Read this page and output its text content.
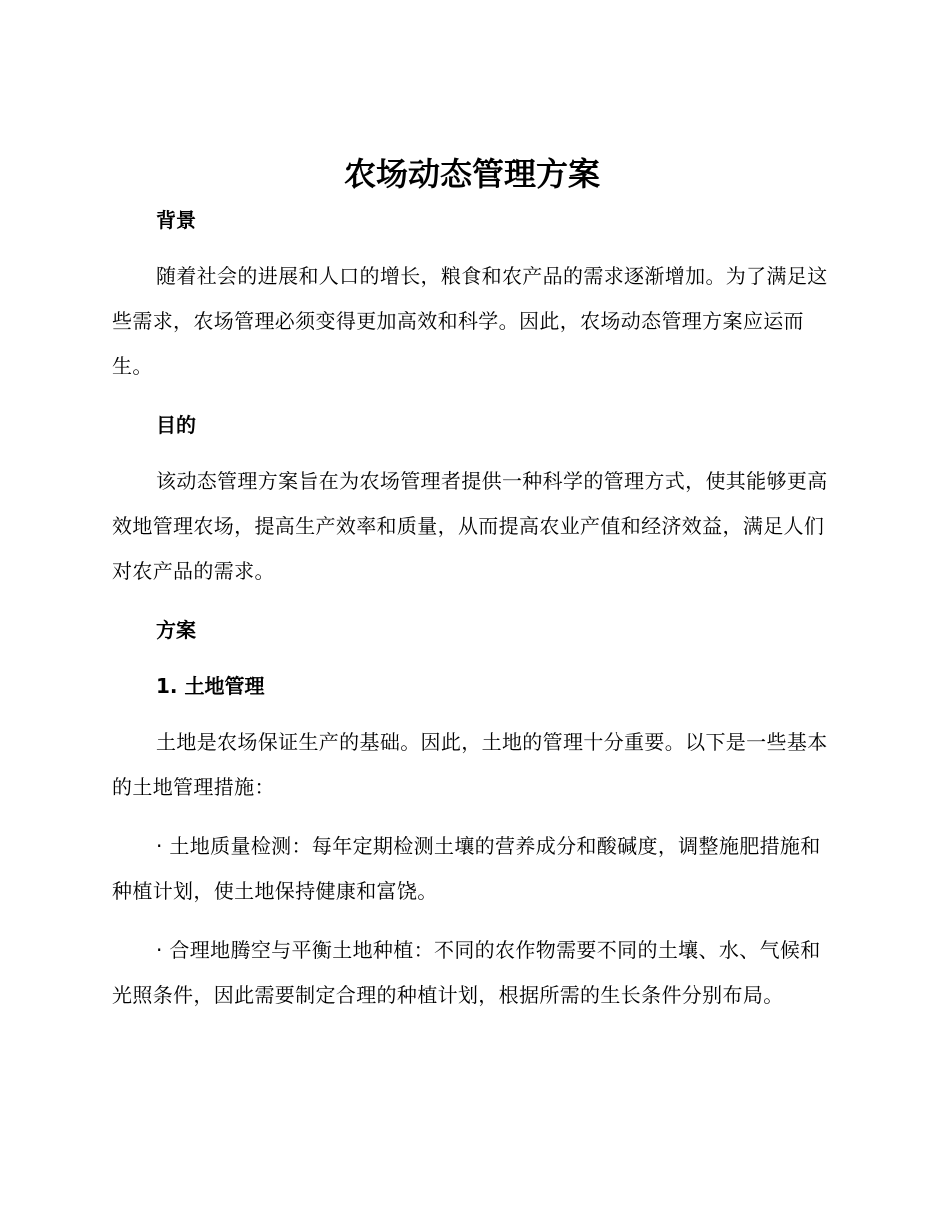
农场动态管理方案
背景

随着社会的进展和人口的增长，粮食和农产品的需求逐渐增加。为了满足这些需求，农场管理必须变得更加高效和科学。因此，农场动态管理方案应运而生。

目的

该动态管理方案旨在为农场管理者提供一种科学的管理方式，使其能够更高效地管理农场，提高生产效率和质量，从而提高农业产值和经济效益，满足人们对农产品的需求。

方案
1. 土地管理

土地是农场保证生产的基础。因此，土地的管理十分重要。以下是一些基本的土地管理措施：

· 土地质量检测：每年定期检测土壤的营养成分和酸碱度，调整施肥措施和种植计划，使土地保持健康和富饶。

· 合理地腾空与平衡土地种植：不同的农作物需要不同的土壤、水、气候和光照条件，因此需要制定合理的种植计划，根据所需的生长条件分别布局。
